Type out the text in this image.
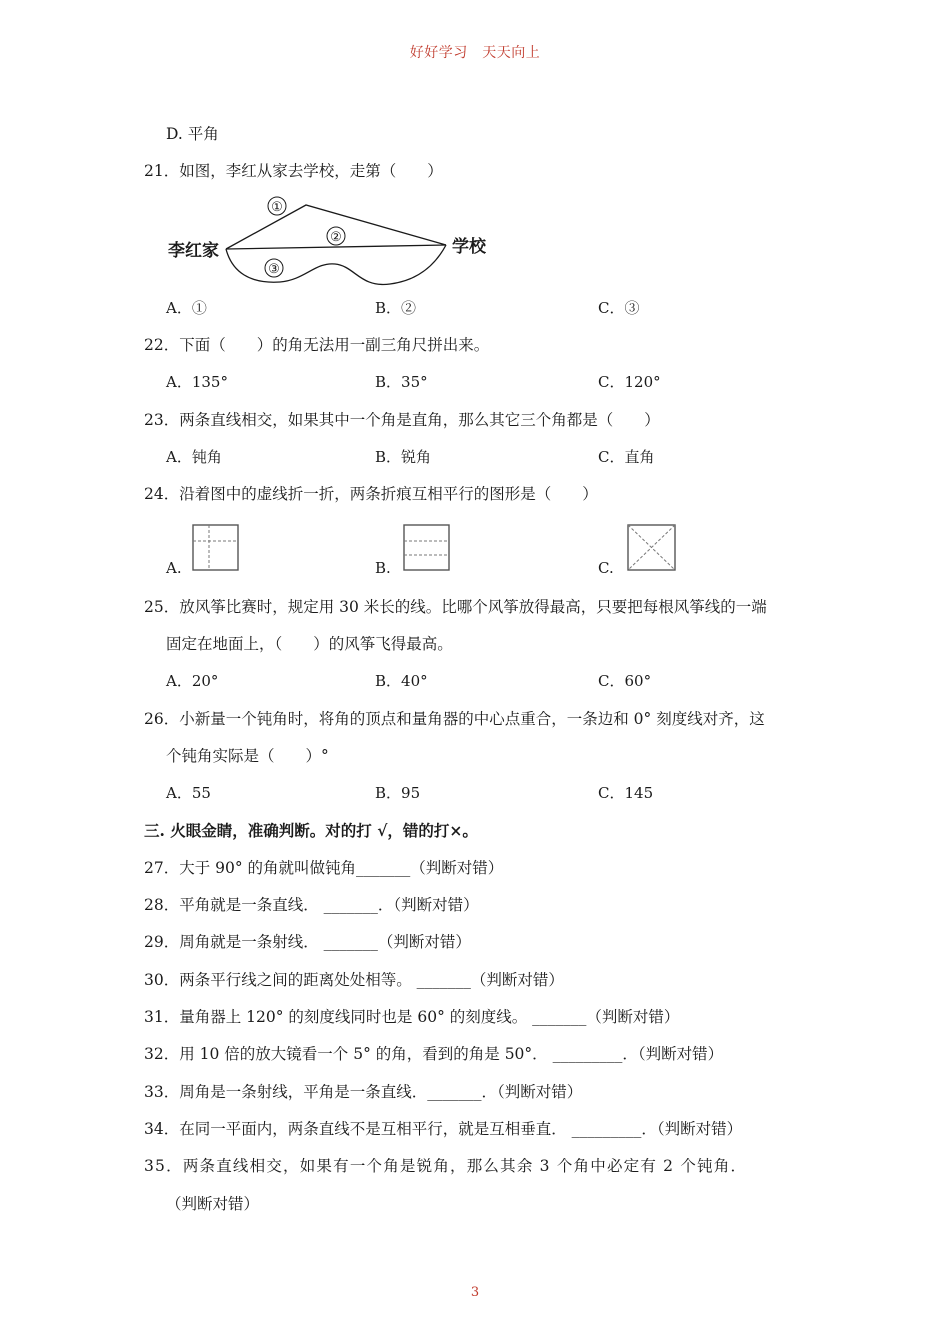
好好学习　天天向上
D. 平角
21．如图，李红从家去学校，走第（　　）
李红家	学校
①
②
③
A．①	B．②	C．③
22．下面（　　）的角无法用一副三角尺拼出来。
A．135°	B．35°	C．120°
23．两条直线相交，如果其中一个角是直角，那么其它三个角都是（　　）
A．钝角	B．锐角	C．直角
24．沿着图中的虚线折一折，两条折痕互相平行的图形是（　　）
A.	B.	C.
25．放风筝比赛时，规定用 30 米长的线。比哪个风筝放得最高，只要把每根风筝线的一端
固定在地面上，（　　）的风筝飞得最高。
A．20°	B．40°	C．60°
26．小新量一个钝角时，将角的顶点和量角器的中心点重合，一条边和 0° 刻度线对齐，这
个钝角实际是（　　）°
A．55	B．95	C．145
三. 火眼金睛，准确判断。对的打 √，错的打×。
27．大于 90° 的角就叫做钝角_______（判断对错）
28．平角就是一条直线． _______．（判断对错）
29．周角就是一条射线． _______（判断对错）
30．两条平行线之间的距离处处相等。 _______（判断对错）
31．量角器上 120° 的刻度线同时也是 60° 的刻度线。 _______（判断对错）
32．用 10 倍的放大镜看一个 5° 的角，看到的角是 50°． _________．（判断对错）
33．周角是一条射线，平角是一条直线．_______．（判断对错）
34．在同一平面内，两条直线不是互相平行，就是互相垂直． _________．（判断对错）
35．两条直线相交，如果有一个角是锐角，那么其余 3 个角中必定有 2 个钝角．
（判断对错）
3
